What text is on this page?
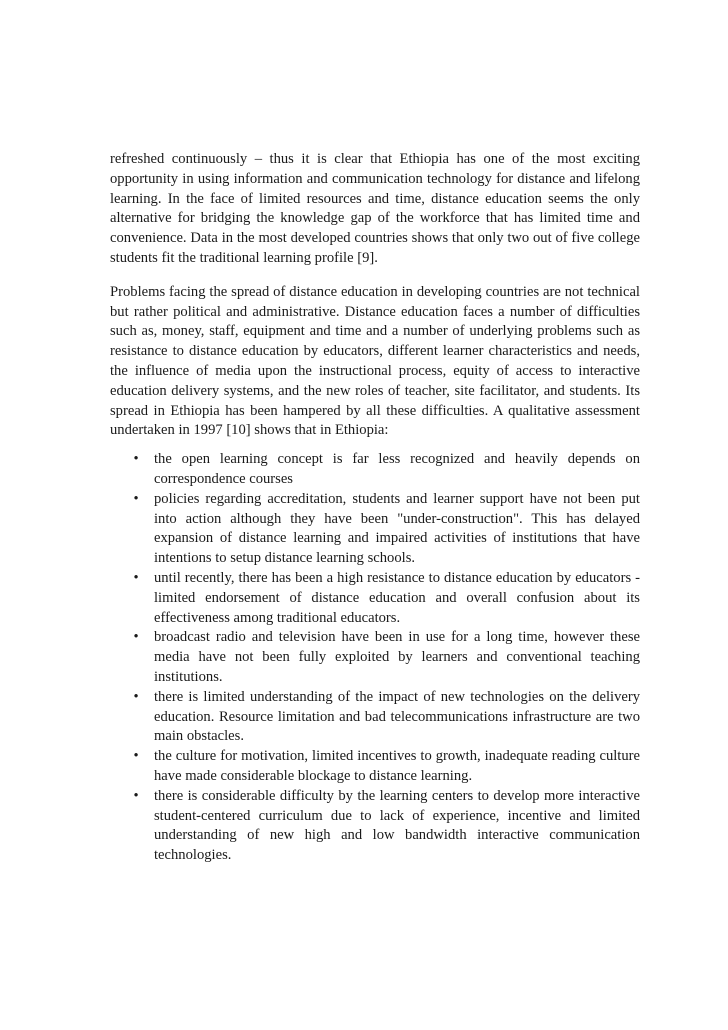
refreshed continuously – thus it is clear that Ethiopia has one of the most exciting opportunity in using information and communication technology for distance and lifelong learning. In the face of limited resources and time, distance education seems the only alternative for bridging the knowledge gap of the workforce that has limited time and convenience. Data in the most developed countries shows that only two out of five college students fit the traditional learning profile [9].

Problems facing the spread of distance education in developing countries are not technical but rather political and administrative. Distance education faces a number of difficulties such as, money, staff, equipment and time and a number of underlying problems such as resistance to distance education by educators, different learner characteristics and needs, the influence of media upon the instructional process, equity of access to interactive education delivery systems, and the new roles of teacher, site facilitator, and students. Its spread in Ethiopia has been hampered by all these difficulties. A qualitative assessment undertaken in 1997 [10] shows that in Ethiopia:

•	the open learning concept is far less recognized and heavily depends on correspondence courses
•	policies regarding accreditation, students and learner support have not been put into action although they have been "under-construction". This has delayed expansion of distance learning and impaired activities of institutions that have intentions to setup distance learning schools.
•	until recently, there has been a high resistance to distance education by educators - limited endorsement of distance education and overall confusion about its effectiveness among traditional educators.
•	broadcast radio and television have been in use for a long time, however these media have not been fully exploited by learners and conventional teaching institutions.
•	there is limited understanding of the impact of new technologies on the delivery education. Resource limitation and bad telecommunications infrastructure are two main obstacles.
•	the culture for motivation, limited incentives to growth, inadequate reading culture have made considerable blockage to distance learning.
•	there is considerable difficulty by the learning centers to develop more interactive student-centered curriculum due to lack of experience, incentive and limited understanding of new high and low bandwidth interactive communication technologies.
